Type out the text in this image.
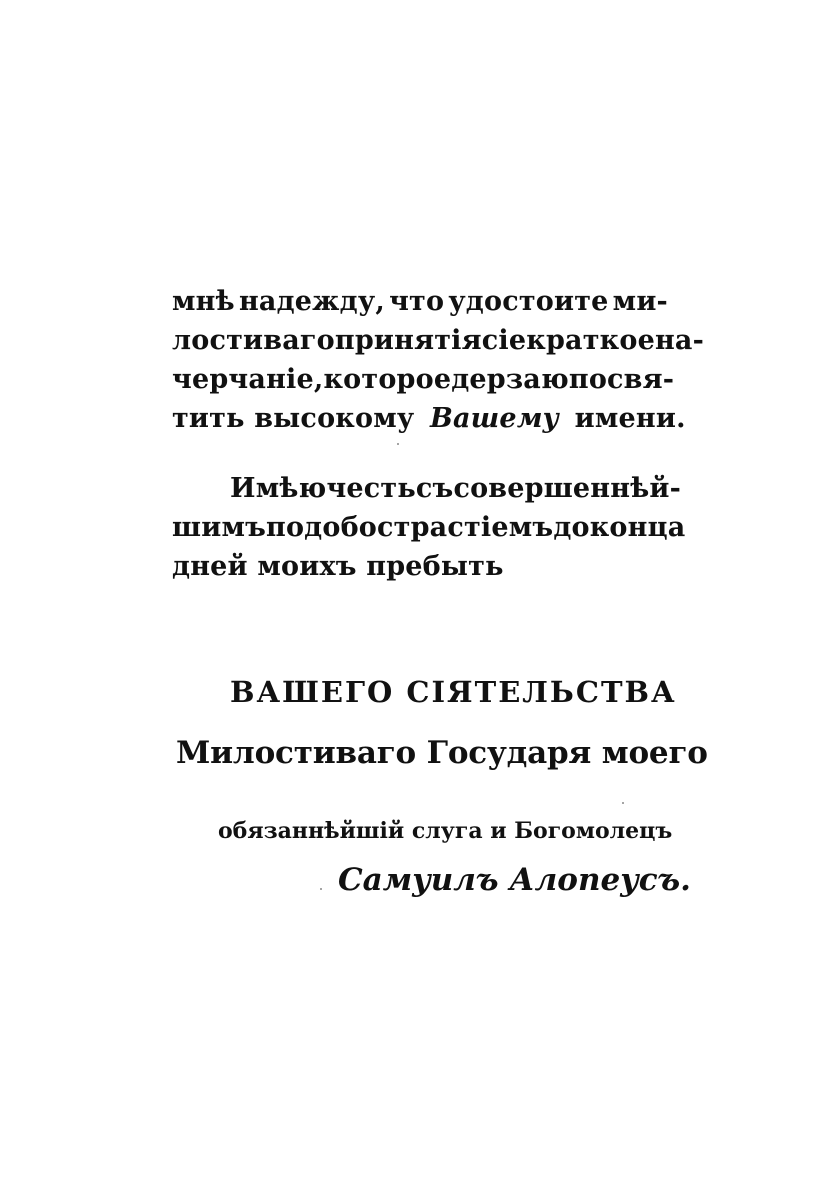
мнѣ надежду, что удостоите ми-
лостиваго принятія сіе краткое на-
черчаніе , которое дерзаю посвя-
тить высокому Вашему имени.
Имѣю честь съ совершеннѣй-
шимъ подобострастіемъ до конца
дней моихъ пребыть
ВАШЕГО СІЯТЕЛЬСТВА
Милостиваго Государя моего
обязаннѣйшій слуга и Богомолецъ
Самуилъ Алопеусъ.
